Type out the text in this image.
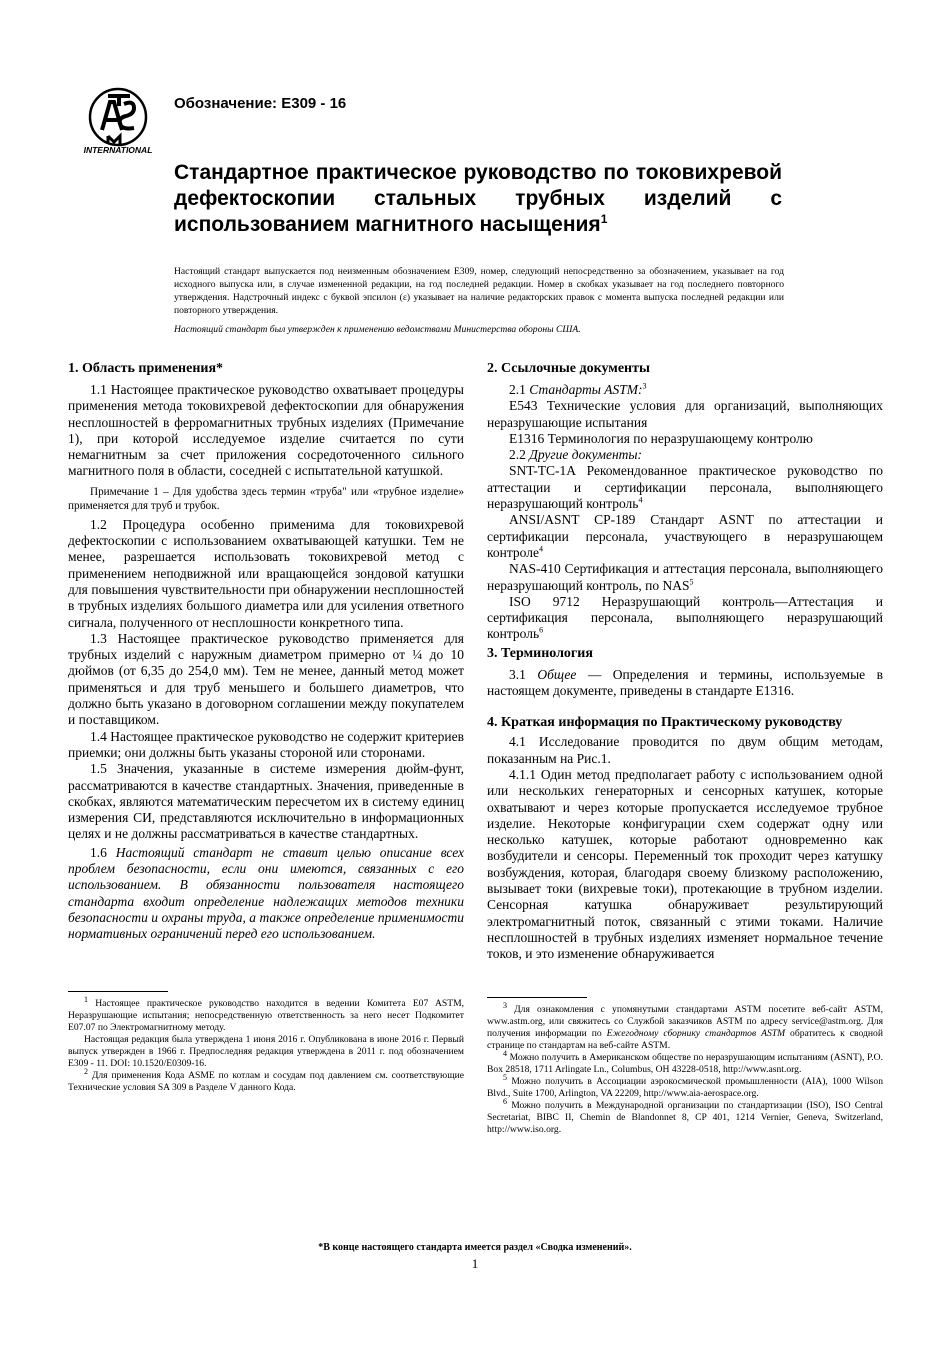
INTERNATIONAL
Обозначение: E309 - 16
Стандартное практическое руководство по токовихревой дефектоскопии стальных трубных изделий с использованием магнитного насыщения$^1$

Настоящий стандарт выпускается под неизменным обозначением E309, номер, следующий непосредственно за обозначением, указывает на год исходного выпуска или, в случае измененной редакции, на год последней редакции. Номер в скобках указывает на год последнего повторного утверждения. Надстрочный индекс с буквой эпсилон (ε) указывает на наличие редакторских правок с момента выпуска последней редакции или повторного утверждения.

Настоящий стандарт был утвержден к применению ведомствами Министерства обороны США.

1. Область применения*

1.1 Настоящее практическое руководство охватывает процедуры применения метода токовихревой дефектоскопии для обнаружения несплошностей в ферромагнитных трубных изделиях (Примечание 1), при которой исследуемое изделие считается по сути немагнитным за счет приложения сосредоточенного сильного магнитного поля в области, соседней с испытательной катушкой.

Примечание 1 – Для удобства здесь термин «труба" или «трубное изделие» применяется для труб и трубок.

1.2 Процедура особенно применима для токовихревой дефектоскопии с использованием охватывающей катушки. Тем не менее, разрешается использовать токовихревой метод с применением неподвижной или вращающейся зондовой катушки для повышения чувствительности при обнаружении несплошностей в трубных изделиях большого диаметра или для усиления ответного сигнала, полученного от несплошности конкретного типа.

1.3 Настоящее практическое руководство применяется для трубных изделий с наружным диаметром примерно от ¼ до 10 дюймов (от 6,35 до 254,0 мм). Тем не менее, данный метод может применяться и для труб меньшего и большего диаметров, что должно быть указано в договорном соглашении между покупателем и поставщиком.

1.4 Настоящее практическое руководство не содержит критериев приемки; они должны быть указаны стороной или сторонами.

1.5 Значения, указанные в системе измерения дюйм-фунт, рассматриваются в качестве стандартных. Значения, приведенные в скобках, являются математическим пересчетом их в систему единиц измерения СИ, представляются исключительно в информационных целях и не должны рассматриваться в качестве стандартных.

1.6 Настоящий стандарт не ставит целью описание всех проблем безопасности, если они имеются, связанных с его использованием. В обязанности пользователя настоящего стандарта входит определение надлежащих методов техники безопасности и охраны труда, а также определение применимости нормативных ограничений перед его использованием.

$^1$ Настоящее практическое руководство находится в ведении Комитета E07 ASTM, Неразрушающие испытания; непосредственную ответственность за него несет Подкомитет E07.07 по Электромагнитному методу.

Настоящая редакция была утверждена 1 июня 2016 г. Опубликована в июне 2016 г. Первый выпуск утвержден в 1966 г. Предпоследняя редакция утверждена в 2011 г. под обозначением E309 - 11. DOI: 10.1520/E0309-16.

$^2$ Для применения Кода ASME по котлам и сосудам под давлением см. соответствующие Технические условия SA 309 в Разделе V данного Кода.

2. Ссылочные документы

2.1 Стандарты ASTM:$^3$

E543 Технические условия для организаций, выполняющих неразрушающие испытания

E1316 Терминология по неразрушающему контролю

2.2 Другие документы:

SNT-TC-1A Рекомендованное практическое руководство по аттестации и сертификации персонала, выполняющего неразрушающий контроль$^4$

ANSI/ASNT CP-189 Стандарт ASNT по аттестации и сертификации персонала, участвующего в неразрушающем контроле$^4$

NAS-410 Сертификация и аттестация персонала, выполняющего неразрушающий контроль, по NAS$^5$

ISO 9712 Неразрушающий контроль—Аттестация и сертификация персонала, выполняющего неразрушающий контроль$^6$

3. Терминология

3.1 Общее — Определения и термины, используемые в настоящем документе, приведены в стандарте E1316.

4. Краткая информация по Практическому руководству

4.1 Исследование проводится по двум общим методам, показанным на Рис.1.

4.1.1 Один метод предполагает работу с использованием одной или нескольких генераторных и сенсорных катушек, которые охватывают и через которые пропускается исследуемое трубное изделие. Некоторые конфигурации схем содержат одну или несколько катушек, которые работают одновременно как возбудители и сенсоры. Переменный ток проходит через катушку возбуждения, которая, благодаря своему близкому расположению, вызывает токи (вихревые токи), протекающие в трубном изделии. Сенсорная катушка обнаруживает результирующий электромагнитный поток, связанный с этими токами. Наличие несплошностей в трубных изделиях изменяет нормальное течение токов, и это изменение обнаруживается

$^3$ Для ознакомления с упомянутыми стандартами ASTM посетите веб-сайт ASTM, www.astm.org, или свяжитесь со Службой заказчиков ASTM по адресу service@astm.org. Для получения информации по Ежегодному сборнику стандартов ASTM обратитесь к сводной странице по стандартам на веб-сайте ASTM.

$^4$ Можно получить в Американском обществе по неразрушающим испытаниям (ASNT), P.O. Box 28518, 1711 Arlingate Ln., Columbus, OH 43228-0518, http://www.asnt.org.

$^5$ Можно получить в Ассоциации аэрокосмической промышленности (AIA), 1000 Wilson Blvd., Suite 1700, Arlington, VA 22209, http://www.aia-aerospace.org.

$^6$ Можно получить в Международной организации по стандартизации (ISO), ISO Central Secretariat, BIBC II, Chemin de Blandonnet 8, CP 401, 1214 Vernier, Geneva, Switzerland, http://www.iso.org.

*В конце настоящего стандарта имеется раздел «Сводка изменений».
1
